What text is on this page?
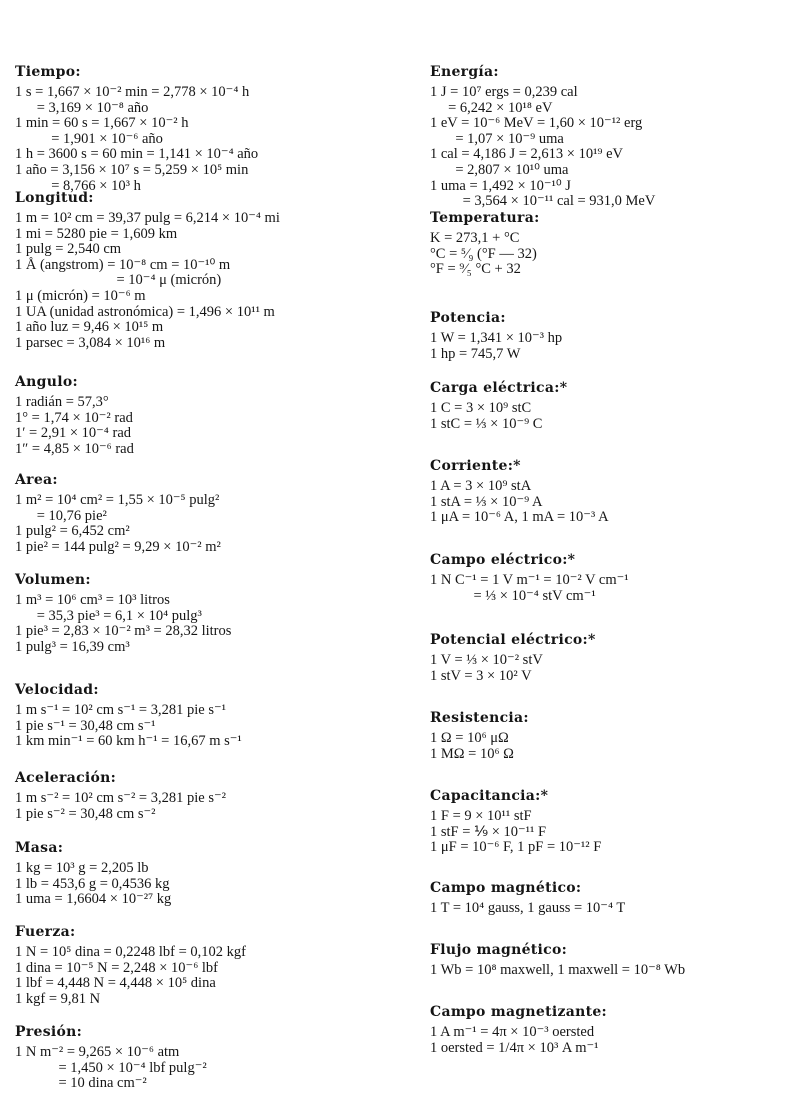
Tiempo:
1 s = 1,667 × 10⁻² min = 2,778 × 10⁻⁴ h
= 3,169 × 10⁻⁸ año
1 min = 60 s = 1,667 × 10⁻² h
= 1,901 × 10⁻⁶ año
1 h = 3600 s = 60 min = 1,141 × 10⁻⁴ año
1 año = 3,156 × 10⁷ s = 5,259 × 10⁵ min
= 8,766 × 10³ h
Longitud:
1 m = 10² cm = 39,37 pulg = 6,214 × 10⁻⁴ mi
1 mi = 5280 pie = 1,609 km
1 pulg = 2,540 cm
1 Å (angstrom) = 10⁻⁸ cm = 10⁻¹⁰ m
= 10⁻⁴ μ (micrón)
1 μ (micrón) = 10⁻⁶ m
1 UA (unidad astronómica) = 1,496 × 10¹¹ m
1 año luz = 9,46 × 10¹⁵ m
1 parsec = 3,084 × 10¹⁶ m
Angulo:
1 radián = 57,3°
1° = 1,74 × 10⁻² rad
1′ = 2,91 × 10⁻⁴ rad
1″ = 4,85 × 10⁻⁶ rad
Area:
1 m² = 10⁴ cm² = 1,55 × 10⁻⁵ pulg²
= 10,76 pie²
1 pulg² = 6,452 cm²
1 pie² = 144 pulg² = 9,29 × 10⁻² m²
Volumen:
1 m³ = 10⁶ cm³ = 10³ litros
= 35,3 pie³ = 6,1 × 10⁴ pulg³
1 pie³ = 2,83 × 10⁻² m³ = 28,32 litros
1 pulg³ = 16,39 cm³
Velocidad:
1 m s⁻¹ = 10² cm s⁻¹ = 3,281 pie s⁻¹
1 pie s⁻¹ = 30,48 cm s⁻¹
1 km min⁻¹ = 60 km h⁻¹ = 16,67 m s⁻¹
Aceleración:
1 m s⁻² = 10² cm s⁻² = 3,281 pie s⁻²
1 pie s⁻² = 30,48 cm s⁻²
Masa:
1 kg = 10³ g = 2,205 lb
1 lb = 453,6 g = 0,4536 kg
1 uma = 1,6604 × 10⁻²⁷ kg
Fuerza:
1 N = 10⁵ dina = 0,2248 lbf = 0,102 kgf
1 dina = 10⁻⁵ N = 2,248 × 10⁻⁶ lbf
1 lbf = 4,448 N = 4,448 × 10⁵ dina
1 kgf = 9,81 N
Presión:
1 N m⁻² = 9,265 × 10⁻⁶ atm
= 1,450 × 10⁻⁴ lbf pulg⁻²
= 10 dina cm⁻²
Energía:
1 J = 10⁷ ergs = 0,239 cal
= 6,242 × 10¹⁸ eV
1 eV = 10⁻⁶ MeV = 1,60 × 10⁻¹² erg
= 1,07 × 10⁻⁹ uma
1 cal = 4,186 J = 2,613 × 10¹⁹ eV
= 2,807 × 10¹⁰ uma
1 uma = 1,492 × 10⁻¹⁰ J
= 3,564 × 10⁻¹¹ cal = 931,0 MeV
Temperatura:
K = 273,1 + °C
°C = ⁵⁄₉ (°F — 32)
°F = ⁹⁄₅ °C + 32
Potencia:
1 W = 1,341 × 10⁻³ hp
1 hp = 745,7 W
Carga eléctrica:*
1 C = 3 × 10⁹ stC
1 stC = ⅓ × 10⁻⁹ C
Corriente:*
1 A = 3 × 10⁹ stA
1 stA = ⅓ × 10⁻⁹ A
1 μA = 10⁻⁶ A, 1 mA = 10⁻³ A
Campo eléctrico:*
1 N C⁻¹ = 1 V m⁻¹ = 10⁻² V cm⁻¹
= ⅓ × 10⁻⁴ stV cm⁻¹
Potencial eléctrico:*
1 V = ⅓ × 10⁻² stV
1 stV = 3 × 10² V
Resistencia:
1 Ω = 10⁶ μΩ
1 MΩ = 10⁶ Ω
Capacitancia:*
1 F = 9 × 10¹¹ stF
1 stF = ⅑ × 10⁻¹¹ F
1 μF = 10⁻⁶ F, 1 pF = 10⁻¹² F
Campo magnético:
1 T = 10⁴ gauss, 1 gauss = 10⁻⁴ T
Flujo magnético:
1 Wb = 10⁸ maxwell, 1 maxwell = 10⁻⁸ Wb
Campo magnetizante:
1 A m⁻¹ = 4π × 10⁻³ oersted
1 oersted = 1/4π × 10³ A m⁻¹
